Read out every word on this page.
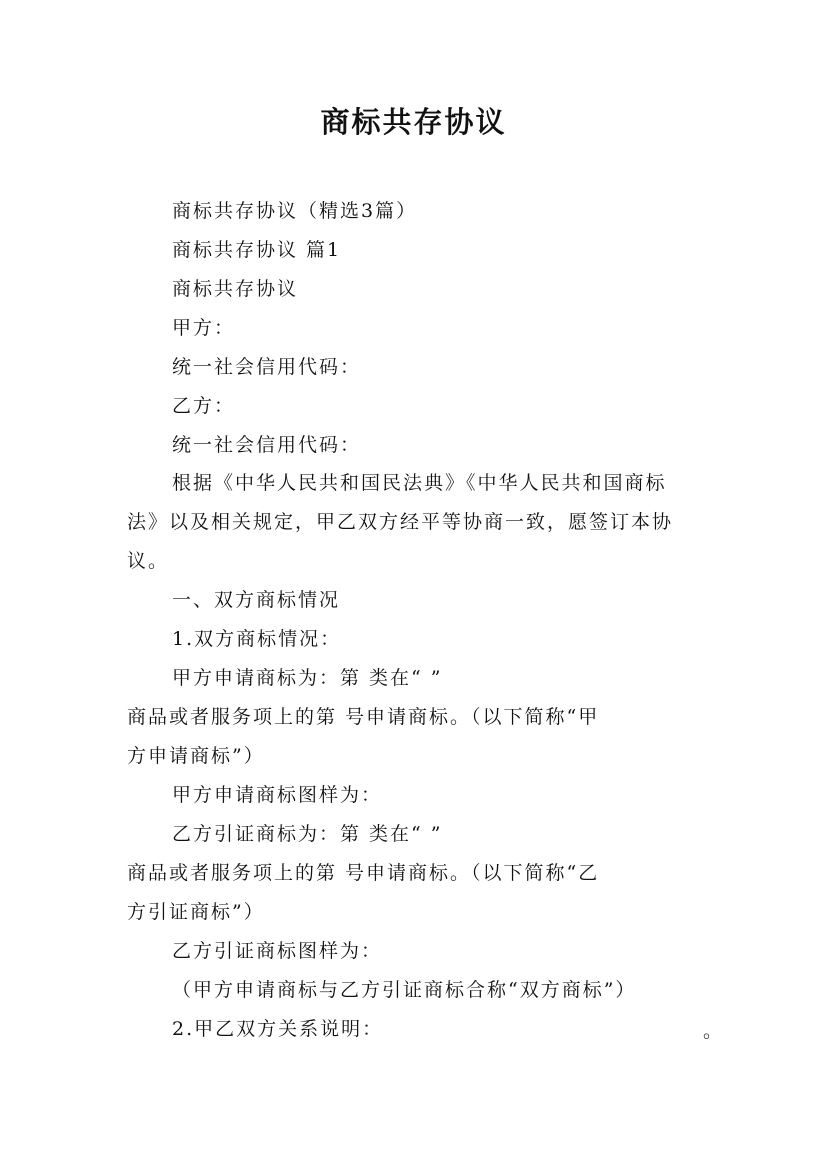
商标共存协议
商标共存协议（精选3篇）
商标共存协议 篇1
商标共存协议
甲方：
统一社会信用代码：
乙方：
统一社会信用代码：
根据《中华人民共和国民法典》《中华人民共和国商标
法》以及相关规定，甲乙双方经平等协商一致，愿签订本协
议。
一、双方商标情况
1.双方商标情况：
甲方申请商标为：第 类在“ ”
商品或者服务项上的第 号申请商标。（以下简称“甲
方申请商标”）
甲方申请商标图样为：
乙方引证商标为：第 类在“ ”
商品或者服务项上的第 号申请商标。（以下简称“乙
方引证商标”）
乙方引证商标图样为：
（甲方申请商标与乙方引证商标合称“双方商标”）
2.甲乙双方关系说明：	。
